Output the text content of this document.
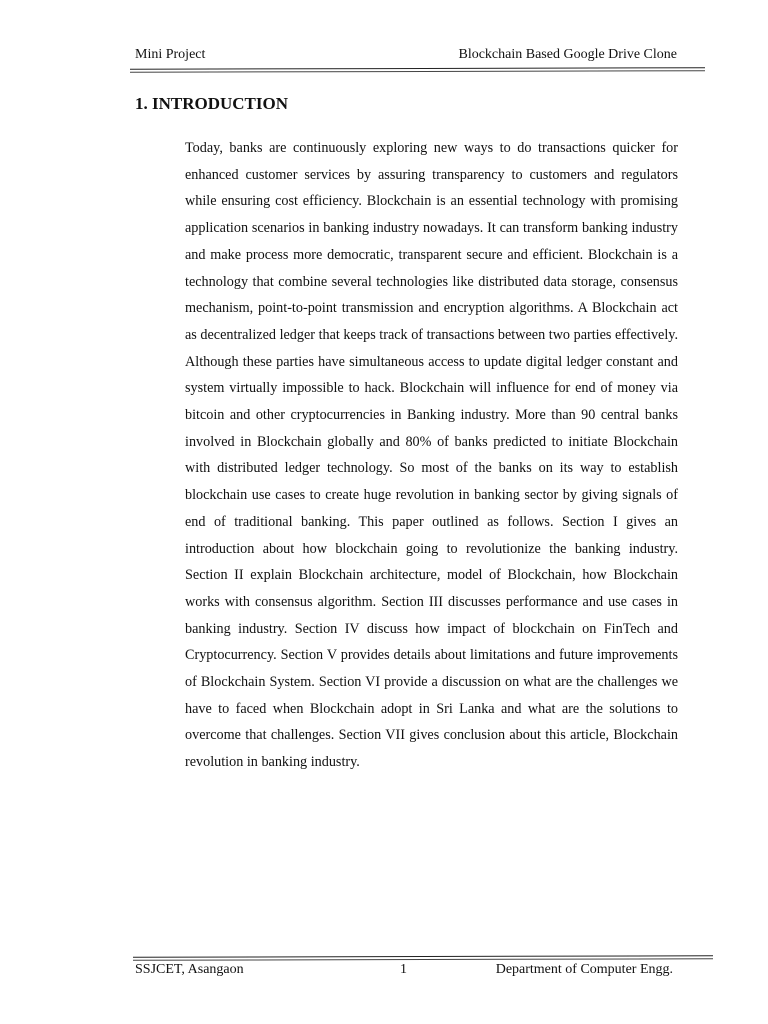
Mini Project	Blockchain Based Google Drive Clone
1. INTRODUCTION

Today, banks are continuously exploring new ways to do transactions quicker for enhanced customer services by assuring transparency to customers and regulators while ensuring cost efficiency. Blockchain is an essential technology with promising application scenarios in banking industry nowadays. It can transform banking industry and make process more democratic, transparent secure and efficient. Blockchain is a technology that combine several technologies like distributed data storage, consensus mechanism, point-to-point transmission and encryption algorithms. A Blockchain act as decentralized ledger that keeps track of transactions between two parties effectively. Although these parties have simultaneous access to update digital ledger constant and system virtually impossible to hack. Blockchain will influence for end of money via bitcoin and other cryptocurrencies in Banking industry. More than 90 central banks involved in Blockchain globally and 80% of banks predicted to initiate Blockchain with distributed ledger technology. So most of the banks on its way to establish blockchain use cases to create huge revolution in banking sector by giving signals of end of traditional banking. This paper outlined as follows. Section I gives an introduction about how blockchain going to revolutionize the banking industry. Section II explain Blockchain architecture, model of Blockchain, how Blockchain works with consensus algorithm. Section III discusses performance and use cases in banking industry. Section IV discuss how impact of blockchain on FinTech and Cryptocurrency. Section V provides details about limitations and future improvements of Blockchain System. Section VI provide a discussion on what are the challenges we have to faced when Blockchain adopt in Sri Lanka and what are the solutions to overcome that challenges. Section VII gives conclusion about this article, Blockchain revolution in banking industry.

SSJCET, Asangaon	1	Department of Computer Engg.
